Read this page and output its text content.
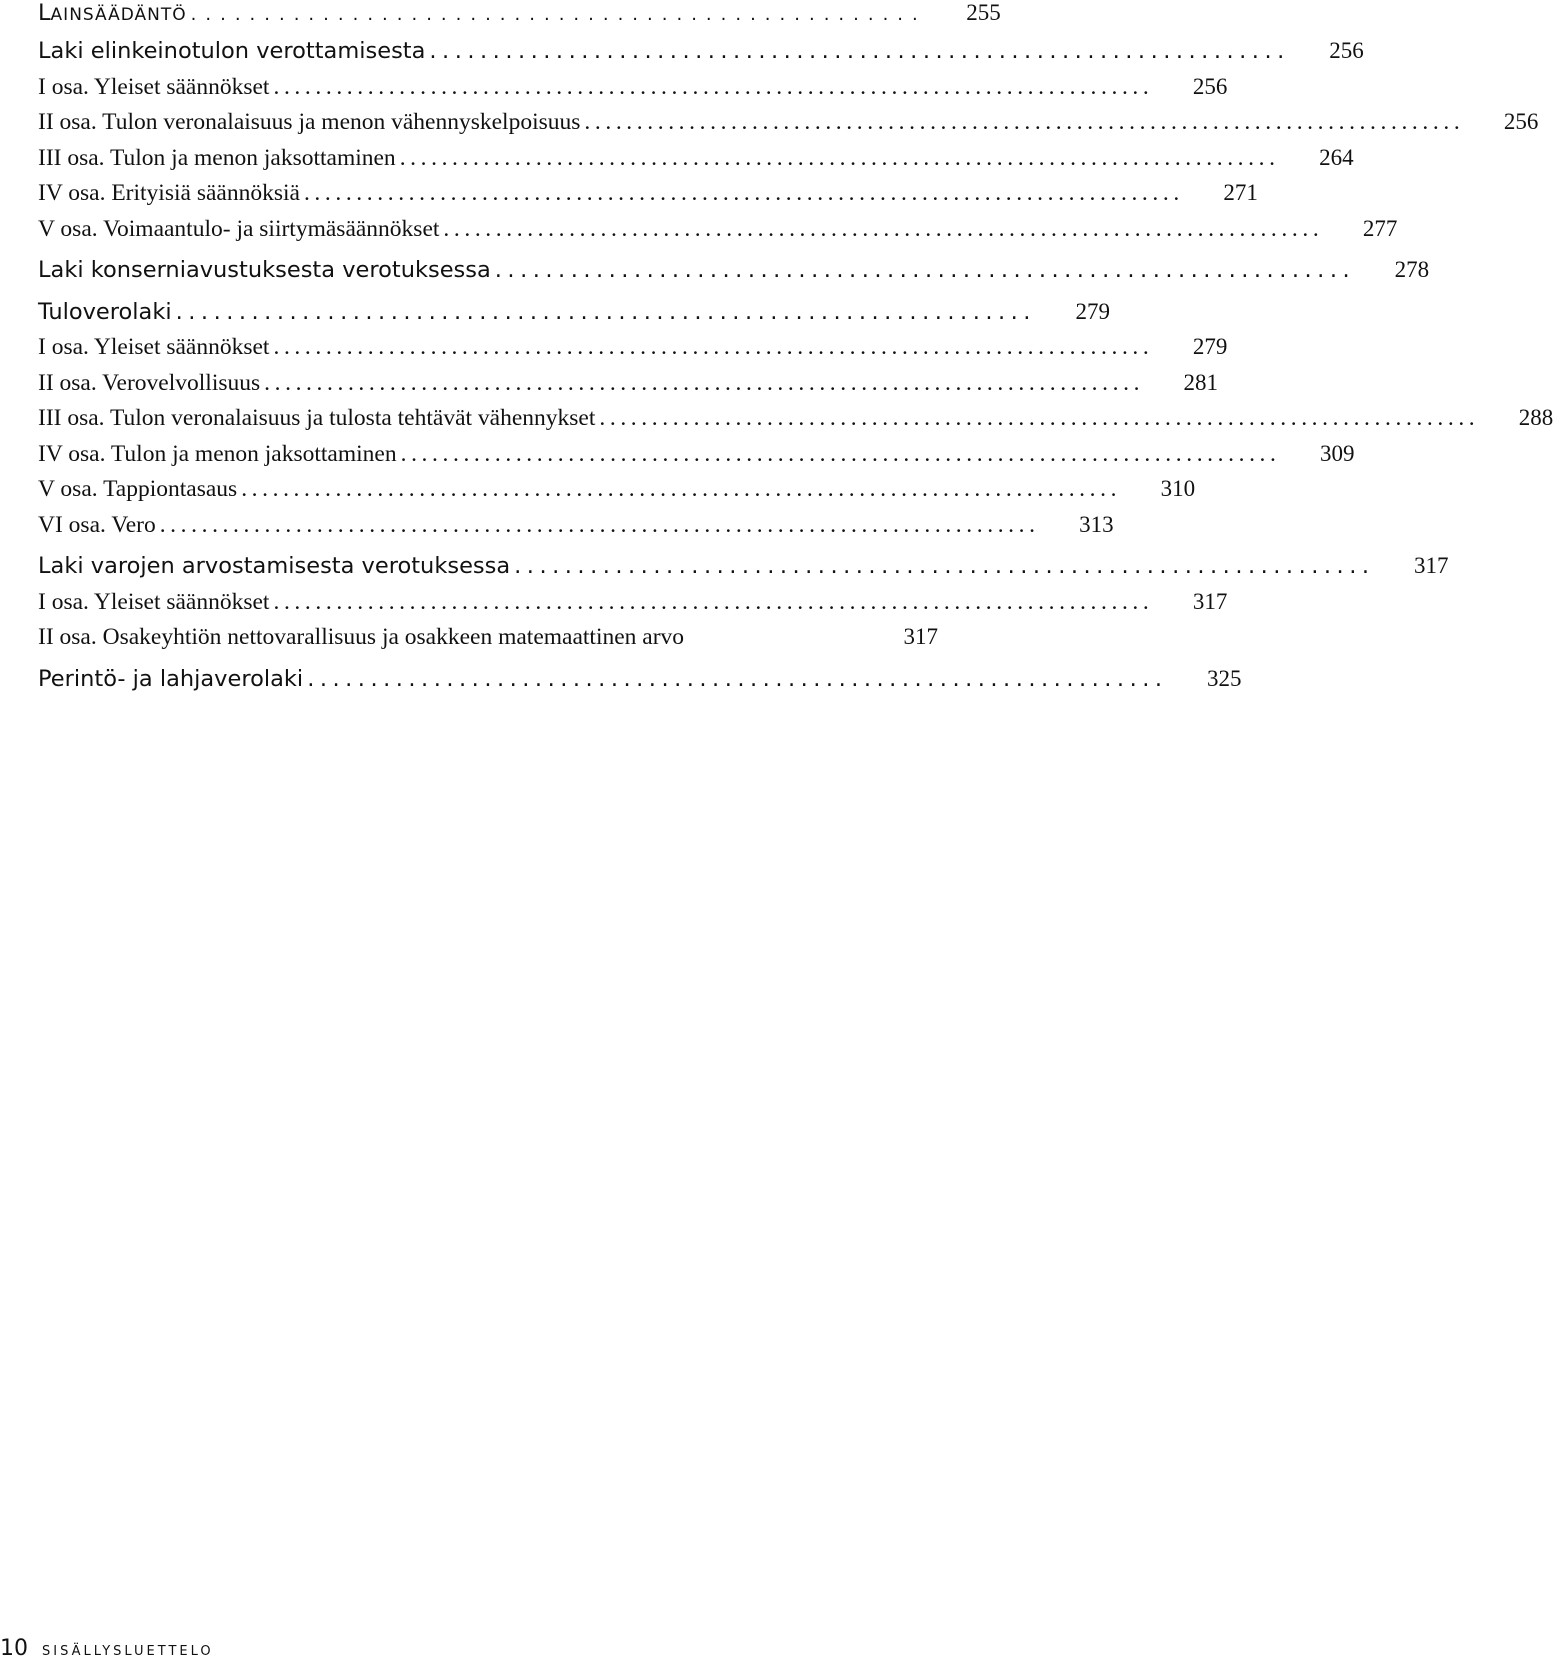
LAINSÄÄDÄNTÖ ..................................................	255
Laki elinkeinotulon verottamisesta ....................................................................	256
I osa. Yleiset säännökset ....................................................................................	256
II osa. Tulon veronalaisuus ja menon vähennyskelpoisuus ....................................................................................	256
III osa. Tulon ja menon jaksottaminen ....................................................................................	264
IV osa. Erityisiä säännöksiä ....................................................................................	271
V osa. Voimaantulo- ja siirtymäsäännökset ....................................................................................	277
Laki konserniavustuksesta verotuksessa ....................................................................	278
Tuloverolaki ....................................................................	279
I osa. Yleiset säännökset ....................................................................................	279
II osa. Verovelvollisuus ....................................................................................	281
III osa. Tulon veronalaisuus ja tulosta tehtävät vähennykset ....................................................................................	288
IV osa. Tulon ja menon jaksottaminen ....................................................................................	309
V osa. Tappiontasaus ....................................................................................	310
VI osa. Vero ....................................................................................	313
Laki varojen arvostamisesta verotuksessa ....................................................................	317
I osa. Yleiset säännökset ....................................................................................	317
II osa. Osakeyhtiön nettovarallisuus ja osakkeen matemaattinen arvo	317
Perintö- ja lahjaverolaki ....................................................................	325
10 SISÄLLYSLUETTELO
